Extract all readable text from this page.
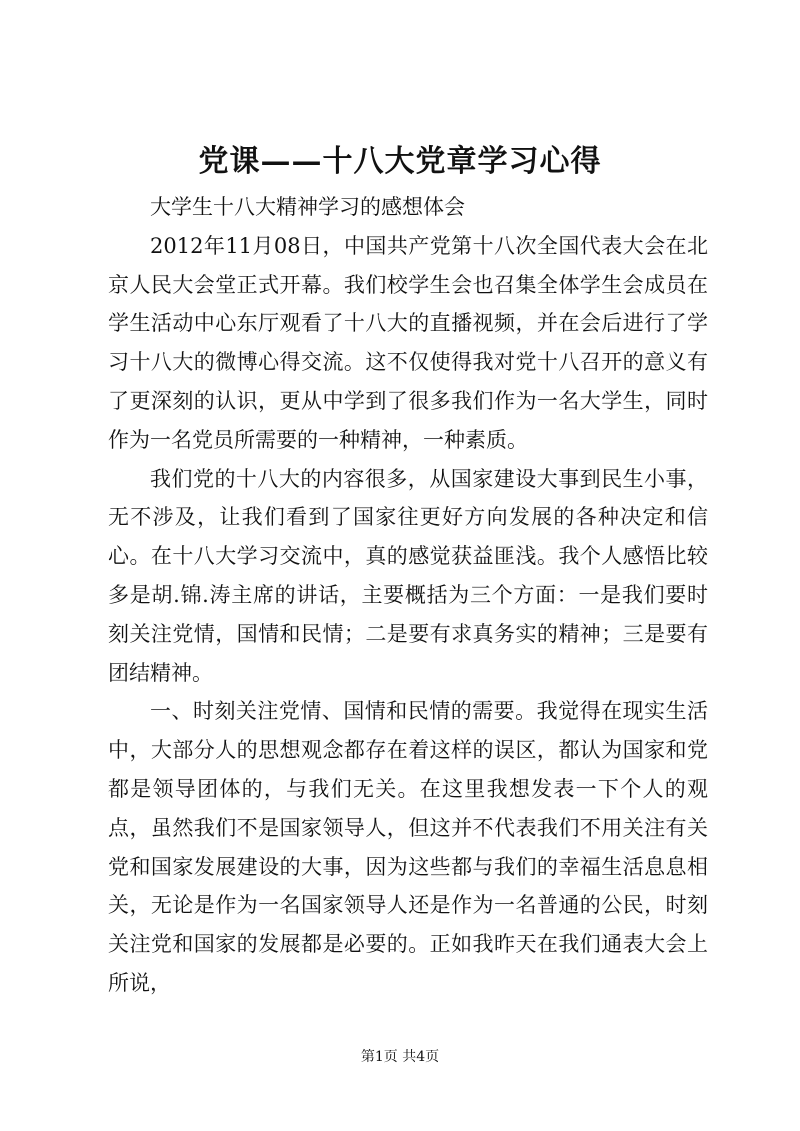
党课——十八大党章学习心得

大学生十八大精神学习的感想体会

2012年11月08日，中国共产党第十八次全国代表大会在北京人民大会堂正式开幕。我们校学生会也召集全体学生会成员在学生活动中心东厅观看了十八大的直播视频，并在会后进行了学习十八大的微博心得交流。这不仅使得我对党十八召开的意义有了更深刻的认识，更从中学到了很多我们作为一名大学生，同时作为一名党员所需要的一种精神，一种素质。

我们党的十八大的内容很多，从国家建设大事到民生小事，无不涉及，让我们看到了国家往更好方向发展的各种决定和信心。在十八大学习交流中，真的感觉获益匪浅。我个人感悟比较多是胡.锦.涛主席的讲话，主要概括为三个方面：一是我们要时刻关注党情，国情和民情；二是要有求真务实的精神；三是要有团结精神。

一、时刻关注党情、国情和民情的需要。我觉得在现实生活中，大部分人的思想观念都存在着这样的误区，都认为国家和党都是领导团体的，与我们无关。在这里我想发表一下个人的观点，虽然我们不是国家领导人，但这并不代表我们不用关注有关党和国家发展建设的大事，因为这些都与我们的幸福生活息息相关，无论是作为一名国家领导人还是作为一名普通的公民，时刻关注党和国家的发展都是必要的。正如我昨天在我们通表大会上所说，

第1页 共4页
